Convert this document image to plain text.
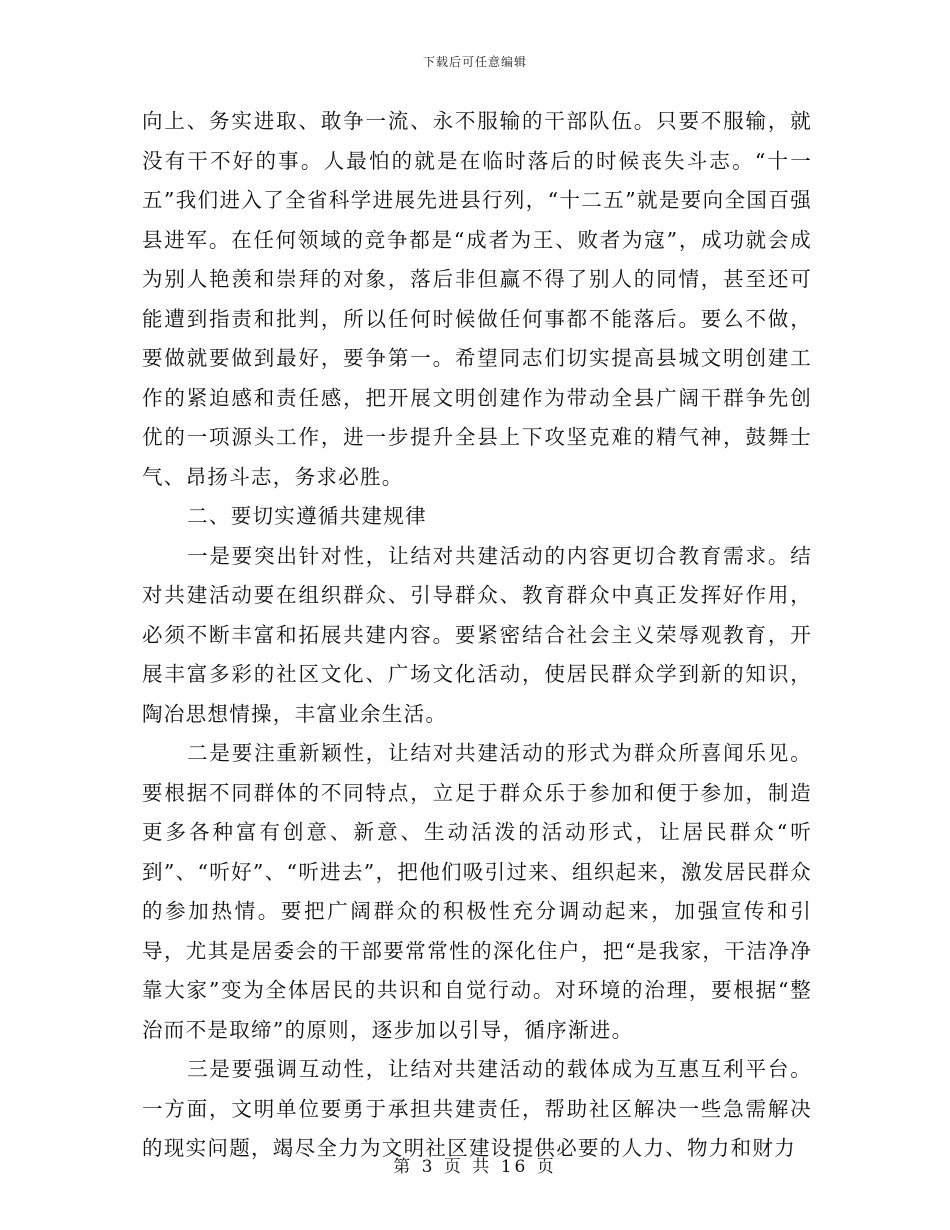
下载后可任意编辑

向上、务实进取、敢争一流、永不服输的干部队伍。只要不服输，就没有干不好的事。人最怕的就是在临时落后的时候丧失斗志。“十一五”我们进入了全省科学进展先进县行列，“十二五”就是要向全国百强县进军。在任何领域的竞争都是“成者为王、败者为寇”，成功就会成为别人艳羡和崇拜的对象，落后非但赢不得了别人的同情，甚至还可能遭到指责和批判，所以任何时候做任何事都不能落后。要么不做，要做就要做到最好，要争第一。希望同志们切实提高县城文明创建工作的紧迫感和责任感，把开展文明创建作为带动全县广阔干群争先创优的一项源头工作，进一步提升全县上下攻坚克难的精气神，鼓舞士气、昂扬斗志，务求必胜。

二、要切实遵循共建规律

一是要突出针对性，让结对共建活动的内容更切合教育需求。结对共建活动要在组织群众、引导群众、教育群众中真正发挥好作用，必须不断丰富和拓展共建内容。要紧密结合社会主义荣辱观教育，开展丰富多彩的社区文化、广场文化活动，使居民群众学到新的知识，陶冶思想情操，丰富业余生活。

二是要注重新颖性，让结对共建活动的形式为群众所喜闻乐见。要根据不同群体的不同特点，立足于群众乐于参加和便于参加，制造更多各种富有创意、新意、生动活泼的活动形式，让居民群众“听到”、“听好”、“听进去”，把他们吸引过来、组织起来，激发居民群众的参加热情。要把广阔群众的积极性充分调动起来，加强宣传和引导，尤其是居委会的干部要常常性的深化住户，把“是我家，干洁净净靠大家”变为全体居民的共识和自觉行动。对环境的治理，要根据“整治而不是取缔”的原则，逐步加以引导，循序渐进。

三是要强调互动性，让结对共建活动的载体成为互惠互利平台。一方面，文明单位要勇于承担共建责任，帮助社区解决一些急需解决的现实问题，竭尽全力为文明社区建设提供必要的人力、物力和财力

第 3 页 共 16 页
